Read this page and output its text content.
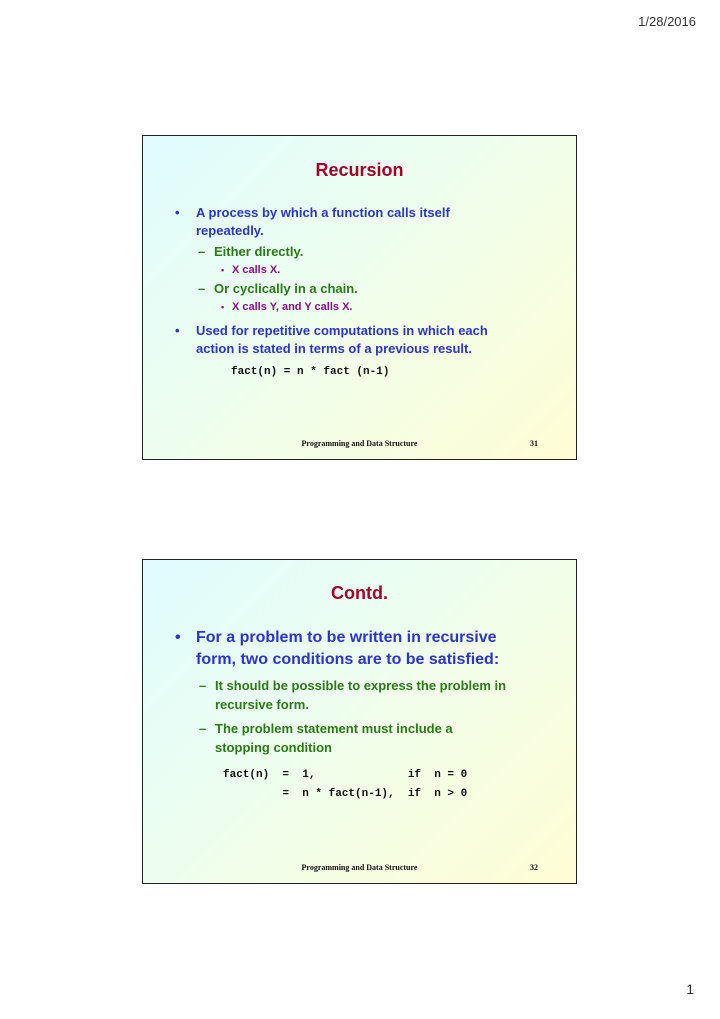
1/28/2016
Recursion
• A process by which a function calls itself
repeatedly.
– Either directly.
• X calls X.
– Or cyclically in a chain.
• X calls Y, and Y calls X.
• Used for repetitive computations in which each
action is stated in terms of a previous result.
fact(n) = n * fact (n-1)
Programming and Data Structure	31
Contd.
• For a problem to be written in recursive
form, two conditions are to be satisfied:
– It should be possible to express the problem in
recursive form.
– The problem statement must include a
stopping condition
fact(n)  =  1,              if  n = 0
=  n * fact(n-1),  if  n > 0
Programming and Data Structure	32
1
